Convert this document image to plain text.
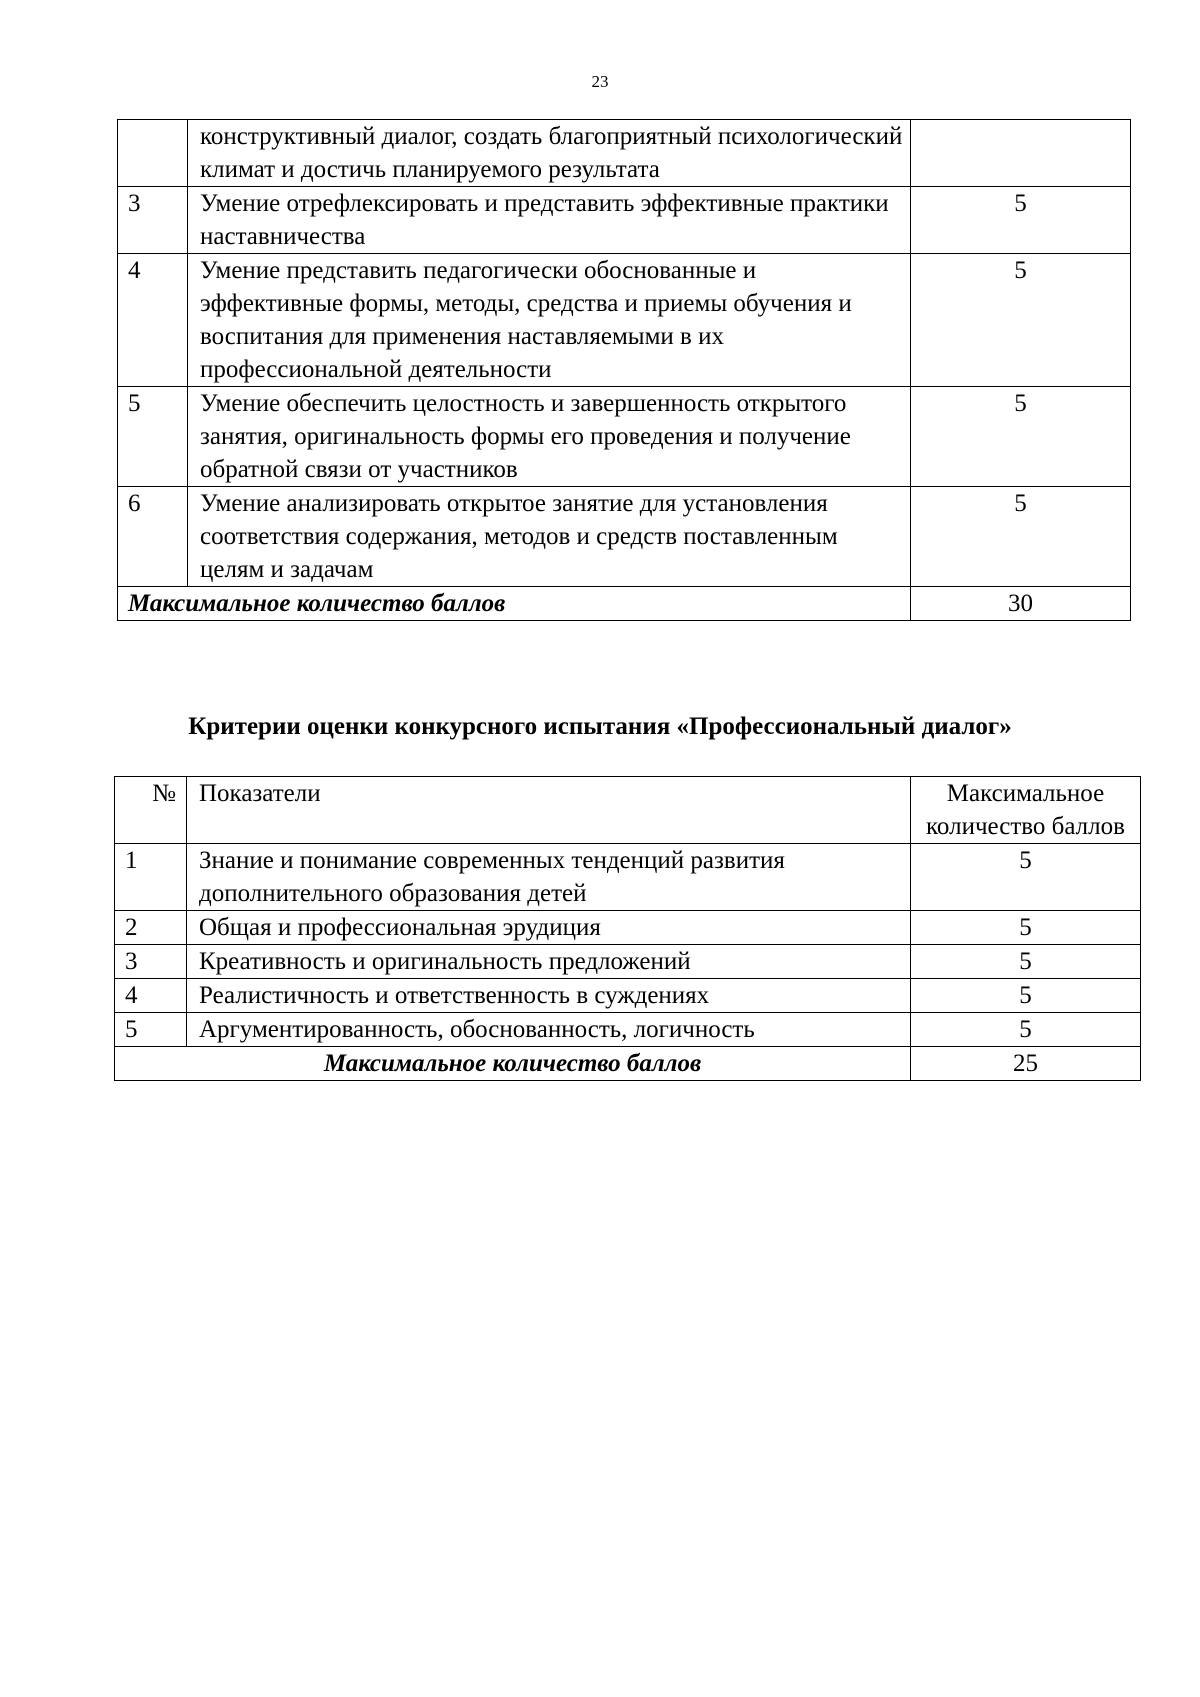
23
	конструктивный диалог, создать благоприятный психологический климат и достичь планируемого результата	
3	Умение отрефлексировать и представить эффективные практики наставничества	5
4	Умение представить педагогически обоснованные и эффективные формы, методы, средства и приемы обучения и воспитания для применения наставляемыми в их профессиональной деятельности	5
5	Умение обеспечить целостность и завершенность открытого занятия, оригинальность формы его проведения и получение обратной связи от участников	5
6	Умение анализировать открытое занятие для установления соответствия содержания, методов и средств поставленным целям и задачам	5
Максимальное количество баллов		30
Критерии оценки конкурсного испытания «Профессиональный диалог»
№	Показатели	Максимальное количество баллов
1	Знание и понимание современных тенденций развития дополнительного образования детей	5
2	Общая и профессиональная эрудиция	5
3	Креативность и оригинальность предложений	5
4	Реалистичность и ответственность в суждениях	5
5	Аргументированность, обоснованность, логичность	5
Максимальное количество баллов		25
